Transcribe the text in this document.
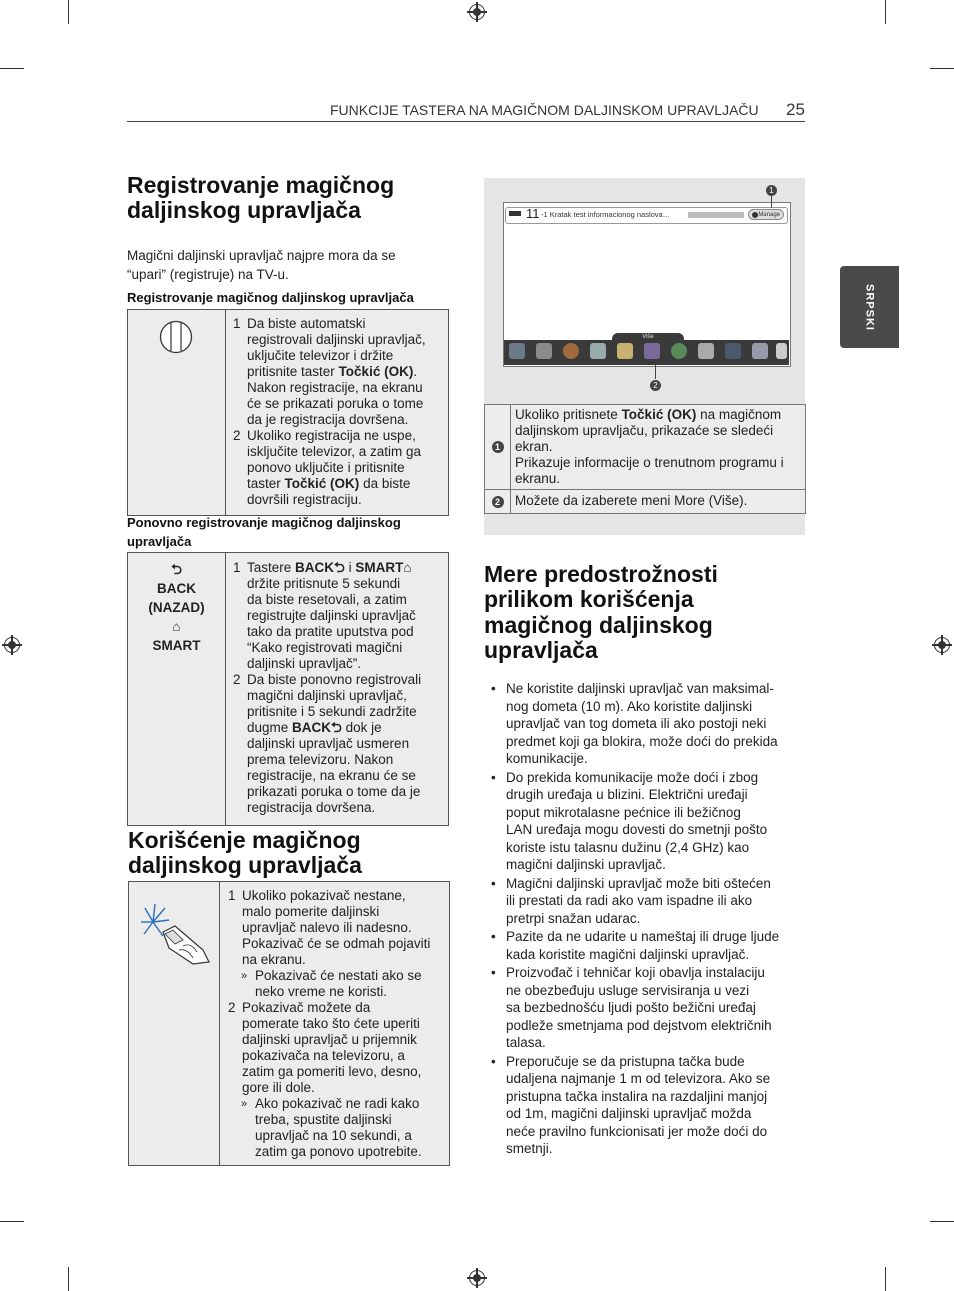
FUNKCIJE TASTERA NA MAGIČNOM DALJINSKOM UPRAVLJAČU 25
SRPSKI
Registrovanje magičnog
daljinskog upravljača
Magični daljinski upravljač najpre mora da se
“upari” (registruje) na TV-u.
Registrovanje magičnog daljinskog upravljača

1 Da biste automatski
registrovali daljinski upravljač,
uključite televizor i držite
pritisnite taster Točkić (OK).
Nakon registracije, na ekranu
će se prikazati poruka o tome
da je registracija dovršena.

2 Ukoliko registracija ne uspe,
isključite televizor, a zatim ga
ponovo uključite i pritisnite
taster Točkić (OK) da biste
dovršili registraciju.

Ponovno registrovanje magičnog daljinskog
upravljača
⮌
BACK
(NAZAD)
⌂
SMART

1 Tastere BACK⮌ i SMART⌂
držite pritisnute 5 sekundi
da biste resetovali, a zatim
registrujte daljinski upravljač
tako da pratite uputstva pod
“Kako registrovati magični
daljinski upravljač”.

2 Da biste ponovno registrovali
magični daljinski upravljač,
pritisnite i 5 sekundi zadržite
dugme BACK⮌ dok je
daljinski upravljač usmeren
prema televizoru. Nakon
registracije, na ekranu će se
prikazati poruka o tome da je
registracija dovršena.

Korišćenje magičnog
daljinskog upravljača

1 Ukoliko pokazivač nestane,
malo pomerite daljinski
upravljač nalevo ili nadesno.
Pokazivač će se odmah pojaviti
na ekranu.

» Pokazivač će nestati ako se
neko vreme ne koristi.

2 Pokazivač možete da
pomerate tako što ćete uperiti
daljinski upravljač u prijemnik
pokazivača na televizoru, a
zatim ga pomeriti levo, desno,
gore ili dole.

» Ako pokazivač ne radi kako
treba, spustite daljinski
upravljač na 10 sekundi, a
zatim ga ponovo upotrebite.

11 -1 Kratak test informacionog naslova…	Manage
1
Više
2
1
Ukoliko pritisnete Točkić (OK) na magičnom
daljinskom upravljaču, prikazaće se sledeći
ekran.
Prikazuje informacije o trenutnom programu i
ekranu.
2 Možete da izaberete meni More (Više).
Mere predostrožnosti
prilikom korišćenja
magičnog daljinskog
upravljača

• Ne koristite daljinski upravljač van maksimal-
nog dometa (10 m). Ako koristite daljinski
upravljač van tog dometa ili ako postoji neki
predmet koji ga blokira, može doći do prekida
komunikacije.

• Do prekida komunikacije može doći i zbog
drugih uređaja u blizini. Električni uređaji
poput mikrotalasne pećnice ili bežičnog
LAN uređaja mogu dovesti do smetnji pošto
koriste istu talasnu dužinu (2,4 GHz) kao
magični daljinski upravljač.

• Magični daljinski upravljač može biti oštećen
ili prestati da radi ako vam ispadne ili ako
pretrpi snažan udarac.

• Pazite da ne udarite u nameštaj ili druge ljude
kada koristite magični daljinski upravljač.

• Proizvođač i tehničar koji obavlja instalaciju
ne obezbeđuju usluge servisiranja u vezi
sa bezbednošću ljudi pošto bežični uređaj
podleže smetnjama pod dejstvom električnih
talasa.

• Preporučuje se da pristupna tačka bude
udaljena najmanje 1 m od televizora. Ako se
pristupna tačka instalira na razdaljini manjoj
od 1m, magični daljinski upravljač možda
neće pravilno funkcionisati jer može doći do
smetnji.
